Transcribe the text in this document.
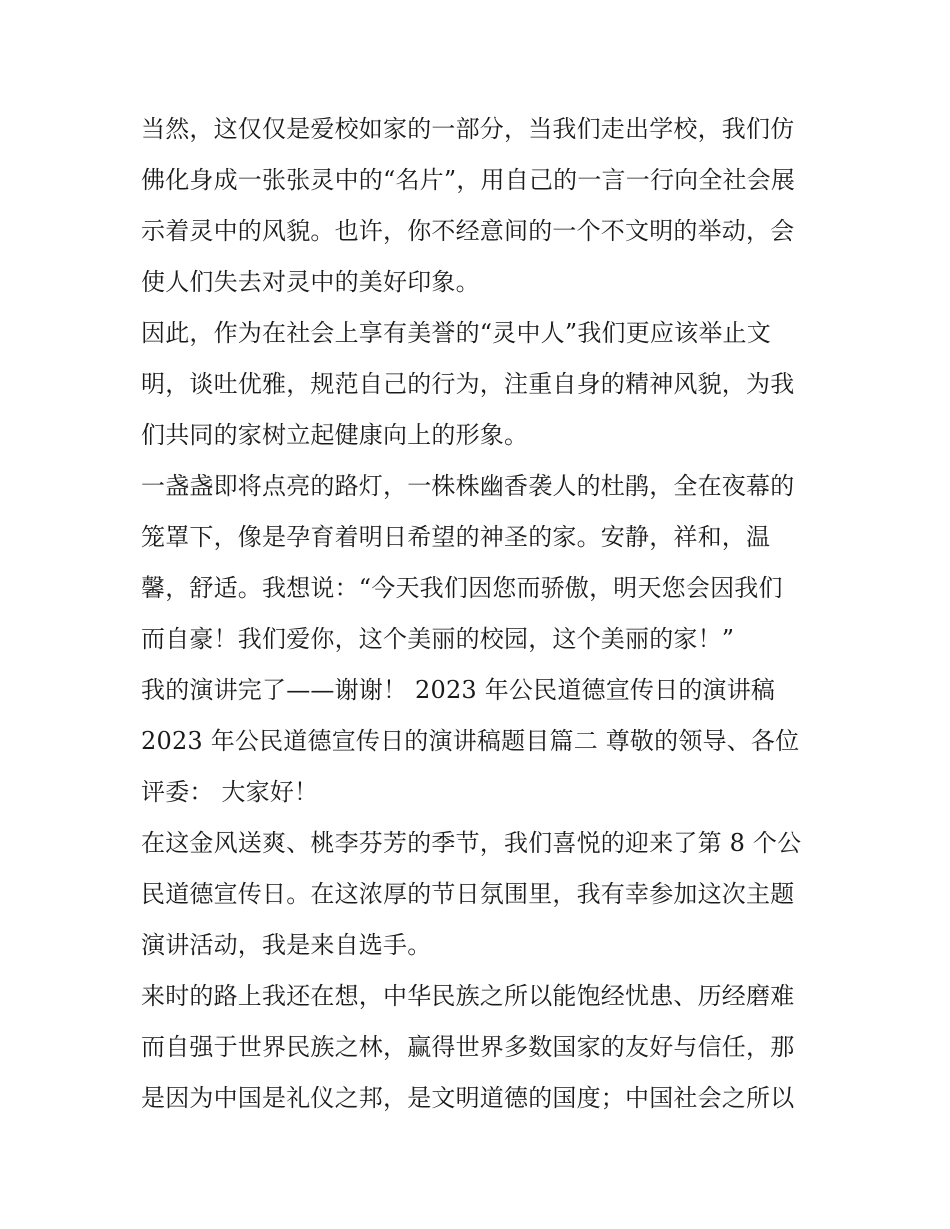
当然，这仅仅是爱校如家的一部分，当我们走出学校，我们仿
佛化身成一张张灵中的“名片”，用自己的一言一行向全社会展
示着灵中的风貌。也许，你不经意间的一个不文明的举动，会
使人们失去对灵中的美好印象。
因此，作为在社会上享有美誉的“灵中人”我们更应该举止文
明，谈吐优雅，规范自己的行为，注重自身的精神风貌，为我
们共同的家树立起健康向上的形象。
一盏盏即将点亮的路灯，一株株幽香袭人的杜鹃，全在夜幕的
笼罩下，像是孕育着明日希望的神圣的家。安静，祥和，温
馨，舒适。我想说：“今天我们因您而骄傲，明天您会因我们
而自豪！我们爱你，这个美丽的校园，这个美丽的家！”
我的演讲完了——谢谢！ 2023 年公民道德宣传日的演讲稿
2023 年公民道德宣传日的演讲稿题目篇二 尊敬的领导、各位
评委： 大家好！
在这金风送爽、桃李芬芳的季节，我们喜悦的迎来了第 8 个公
民道德宣传日。在这浓厚的节日氛围里，我有幸参加这次主题
演讲活动，我是来自选手。
来时的路上我还在想，中华民族之所以能饱经忧患、历经磨难
而自强于世界民族之林，赢得世界多数国家的友好与信任，那
是因为中国是礼仪之邦，是文明道德的国度；中国社会之所以
